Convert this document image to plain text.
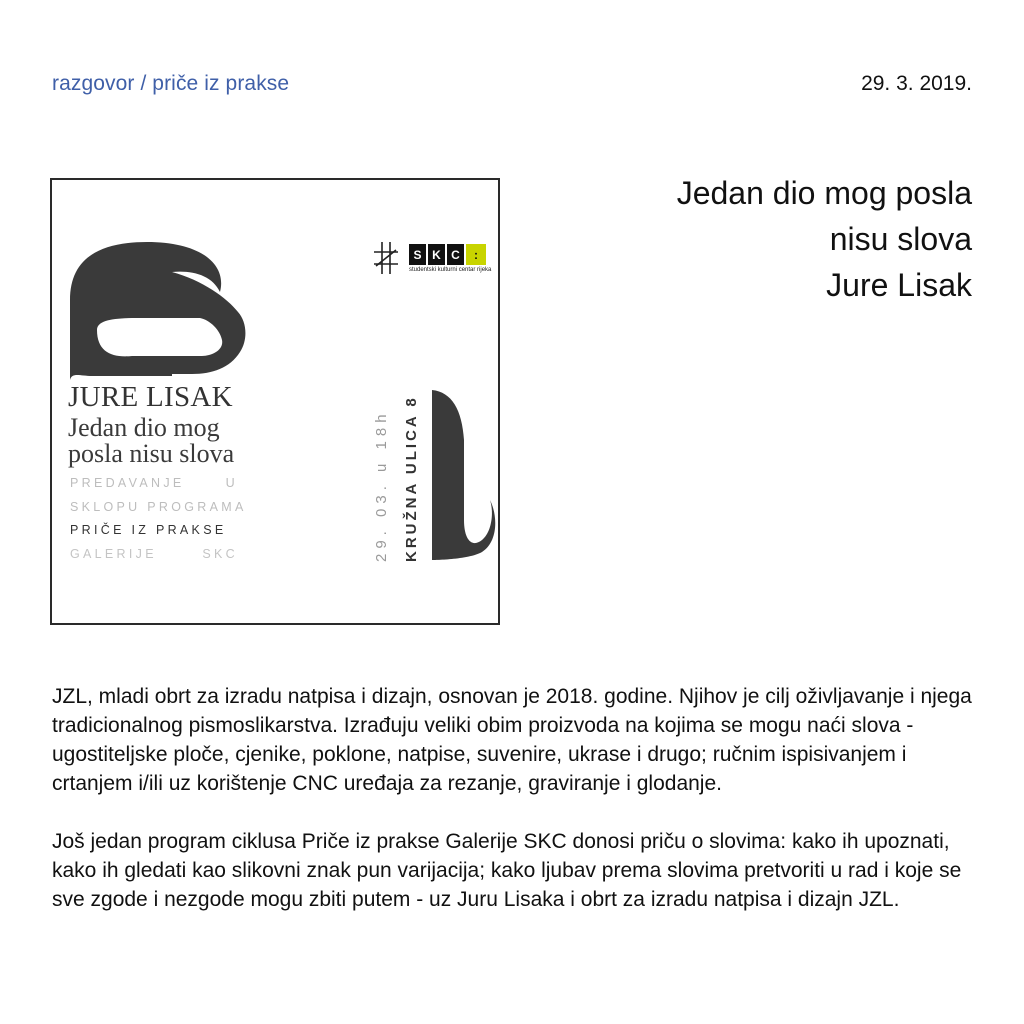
razgovor / priče iz prakse	29. 3. 2019.
Jedan dio mog posla
nisu slova
Jure Lisak
JURE LISAK
Jedan dio mog
posla nisu slova
PREDAVANJE	U
SKLOPU PROGRAMA
PRIČE IZ PRAKSE
GALERIJE	SKC	29. 03. u 18h KRUŽNA ULICA 8
S K C	:
studentski kulturni centar rijeka

JZL, mladi obrt za izradu natpisa i dizajn, osnovan je 2018. godine. Njihov je cilj oživljavanje i njega tradicionalnog pismoslikarstva. Izrađuju veliki obim proizvoda na kojima se mogu naći slova - ugostiteljske ploče, cjenike, poklone, natpise, suvenire, ukrase i drugo; ručnim ispisivanjem i crtanjem i/ili uz korištenje CNC uređaja za rezanje, graviranje i glodanje.

Još jedan program ciklusa Priče iz prakse Galerije SKC donosi priču o slovima: kako ih upoznati, kako ih gledati kao slikovni znak pun varijacija; kako ljubav prema slovima pretvoriti u rad i koje se sve zgode i nezgode mogu zbiti putem - uz Juru Lisaka i obrt za izradu natpisa i dizajn JZL.
